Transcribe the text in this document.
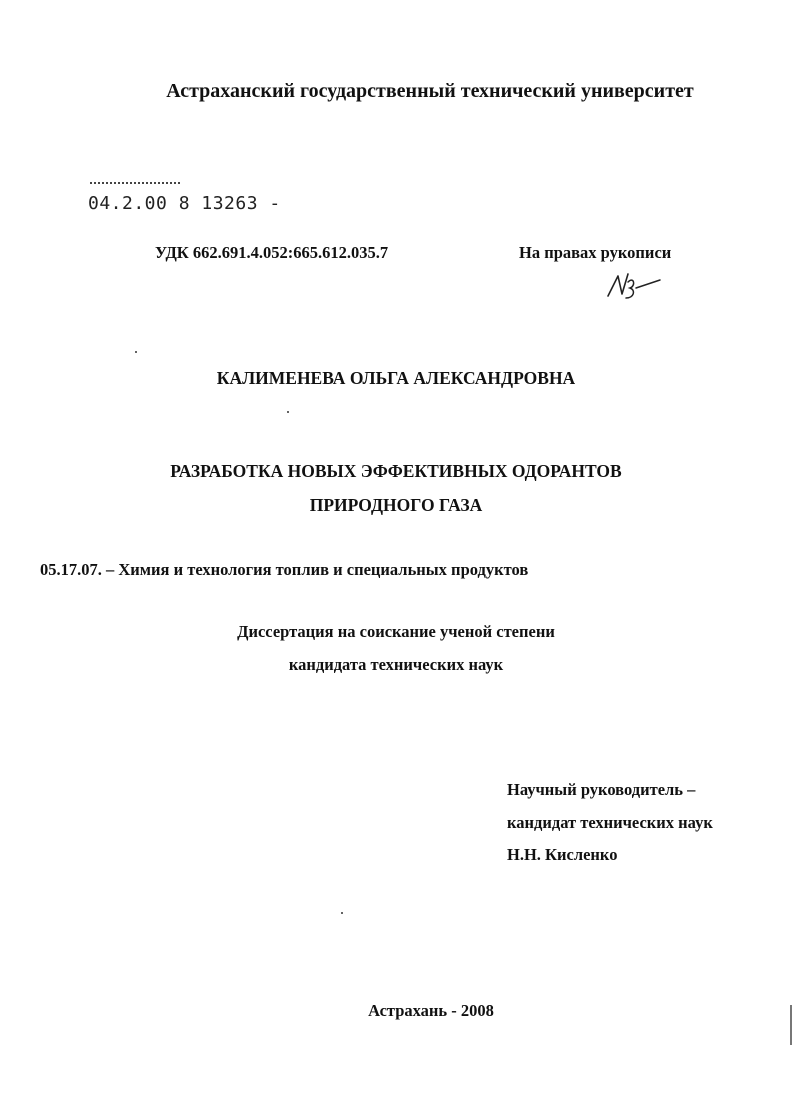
Астраханский государственный технический университет

04.2.00 8 13263 -

УДК 662.691.4.052:665.612.035.7	На правах рукописи

КАЛИМЕНЕВА ОЛЬГА АЛЕКСАНДРОВНА

РАЗРАБОТКА НОВЫХ ЭФФЕКТИВНЫХ ОДОРАНТОВ

ПРИРОДНОГО ГАЗА

05.17.07. – Химия и технология топлив и специальных продуктов

Диссертация на соискание ученой степени

кандидата технических наук

Научный руководитель –

кандидат технических наук

Н.Н. Кисленко

Астрахань - 2008
